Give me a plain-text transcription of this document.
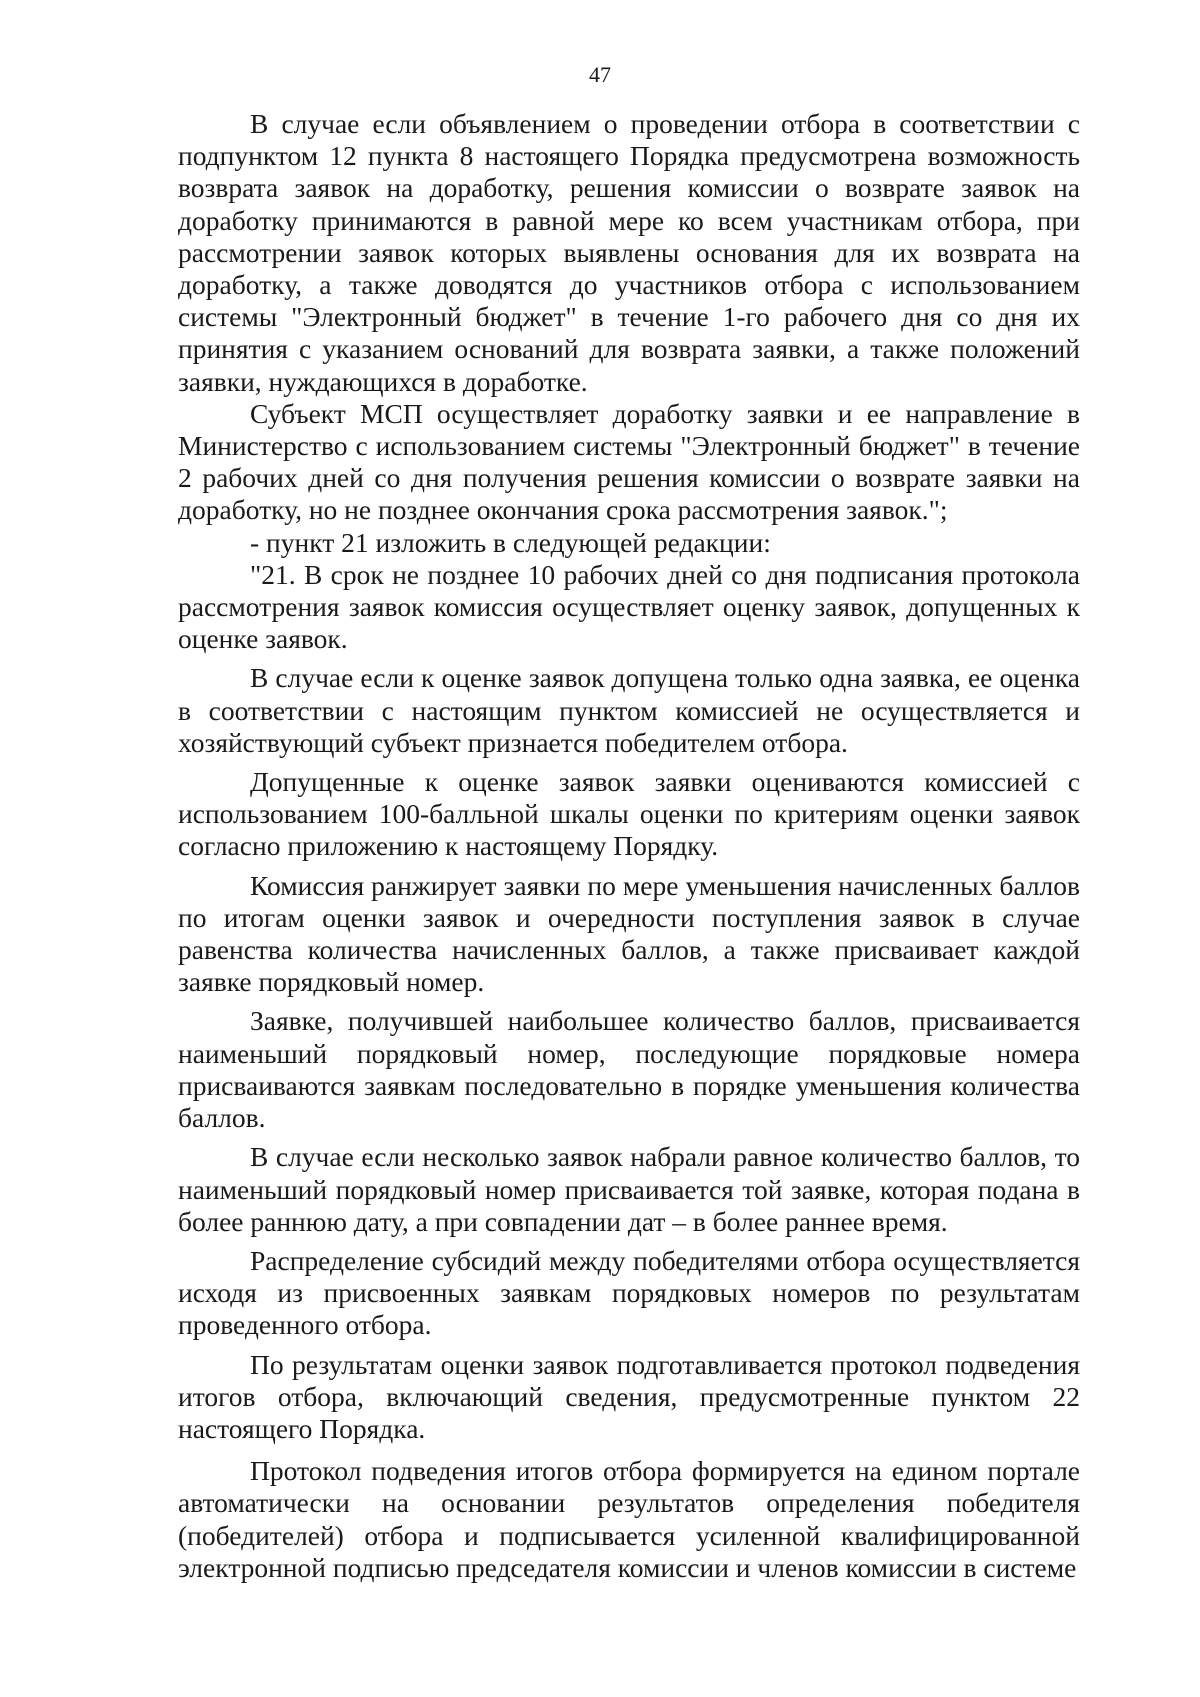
47

В случае если объявлением о проведении отбора в соответствии с подпунктом 12 пункта 8 настоящего Порядка предусмотрена возможность возврата заявок на доработку, решения комиссии о возврате заявок на доработку принимаются в равной мере ко всем участникам отбора, при рассмотрении заявок которых выявлены основания для их возврата на доработку, а также доводятся до участников отбора с использованием системы "Электронный бюджет" в течение 1-го рабочего дня со дня их принятия с указанием оснований для возврата заявки, а также положений заявки, нуждающихся в доработке.

Субъект МСП осуществляет доработку заявки и ее направление в Министерство с использованием системы "Электронный бюджет" в течение 2 рабочих дней со дня получения решения комиссии о возврате заявки на доработку, но не позднее окончания срока рассмотрения заявок.";

- пункт 21 изложить в следующей редакции:

"21. В срок не позднее 10 рабочих дней со дня подписания протокола рассмотрения заявок комиссия осуществляет оценку заявок, допущенных к оценке заявок.

В случае если к оценке заявок допущена только одна заявка, ее оценка в соответствии с настоящим пунктом комиссией не осуществляется и хозяйствующий субъект признается победителем отбора.

Допущенные к оценке заявок заявки оцениваются комиссией с использованием 100-балльной шкалы оценки по критериям оценки заявок согласно приложению к настоящему Порядку.

Комиссия ранжирует заявки по мере уменьшения начисленных баллов по итогам оценки заявок и очередности поступления заявок в случае равенства количества начисленных баллов, а также присваивает каждой заявке порядковый номер.

Заявке, получившей наибольшее количество баллов, присваивается наименьший порядковый номер, последующие порядковые номера присваиваются заявкам последовательно в порядке уменьшения количества баллов.

В случае если несколько заявок набрали равное количество баллов, то наименьший порядковый номер присваивается той заявке, которая подана в более раннюю дату, а при совпадении дат – в более раннее время.

Распределение субсидий между победителями отбора осуществляется исходя из присвоенных заявкам порядковых номеров по результатам проведенного отбора.

По результатам оценки заявок подготавливается протокол подведения итогов отбора, включающий сведения, предусмотренные пунктом 22 настоящего Порядка.

Протокол подведения итогов отбора формируется на едином портале автоматически на основании результатов определения победителя (победителей) отбора и подписывается усиленной квалифицированной электронной подписью председателя комиссии и членов комиссии в системе
